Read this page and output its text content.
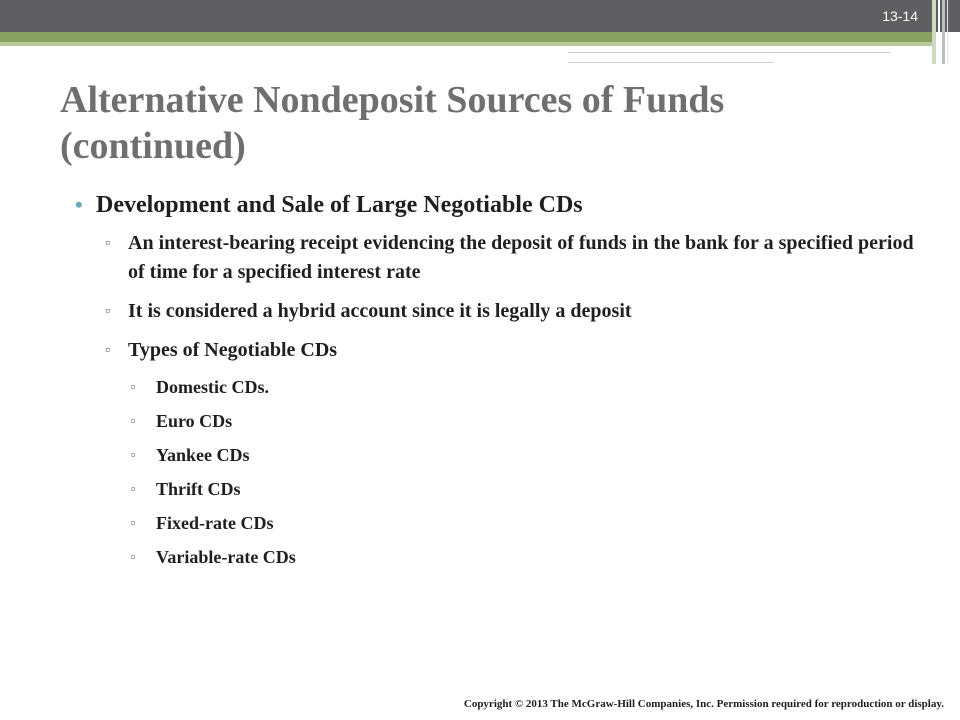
13-14
Alternative Nondeposit Sources of Funds (continued)
• Development and Sale of Large Negotiable CDs
▫ An interest-bearing receipt evidencing the deposit of funds in the bank for a specified period of time for a specified interest rate
▫ It is considered a hybrid account since it is legally a deposit
▫ Types of Negotiable CDs
▫ Domestic CDs.
▫ Euro CDs
▫ Yankee CDs
▫ Thrift CDs
▫ Fixed-rate CDs
▫ Variable-rate CDs
Copyright © 2013 The McGraw-Hill Companies, Inc. Permission required for reproduction or display.
